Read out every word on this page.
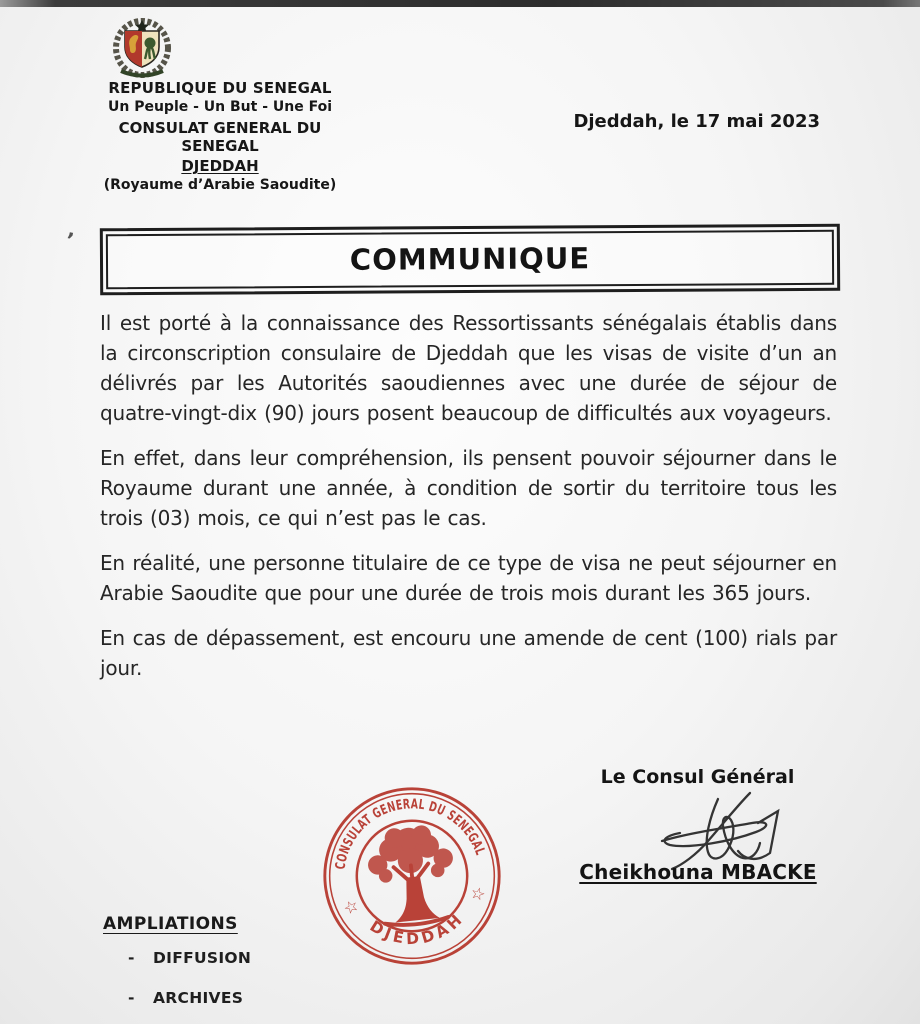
REPUBLIQUE DU SENEGAL
Un Peuple - Un But - Une Foi
CONSULAT GENERAL DU SENEGAL
DJEDDAH
(Royaume d’Arabie Saoudite)
Djeddah, le 17 mai 2023
’
COMMUNIQUE

Il est porté à la connaissance des Ressortissants sénégalais établis dans la circonscription consulaire de Djeddah que les visas de visite d’un an délivrés par les Autorités saoudiennes avec une durée de séjour de quatre-vingt-dix (90) jours posent beaucoup de difficultés aux voyageurs.

En effet, dans leur compréhension, ils pensent pouvoir séjourner dans le Royaume durant une année, à condition de sortir du territoire tous les trois (03) mois, ce qui n’est pas le cas.

En réalité, une personne titulaire de ce type de visa ne peut séjourner en Arabie Saoudite que pour une durée de trois mois durant les 365 jours.

En cas de dépassement, est encouru une amende de cent (100) rials par jour.

Le Consul Général
Cheikhouna MBACKE
CONSULAT GENERAL DU SENEGAL
DJEDDAH
☆
☆
AMPLIATIONS
- DIFFUSION
- ARCHIVES
